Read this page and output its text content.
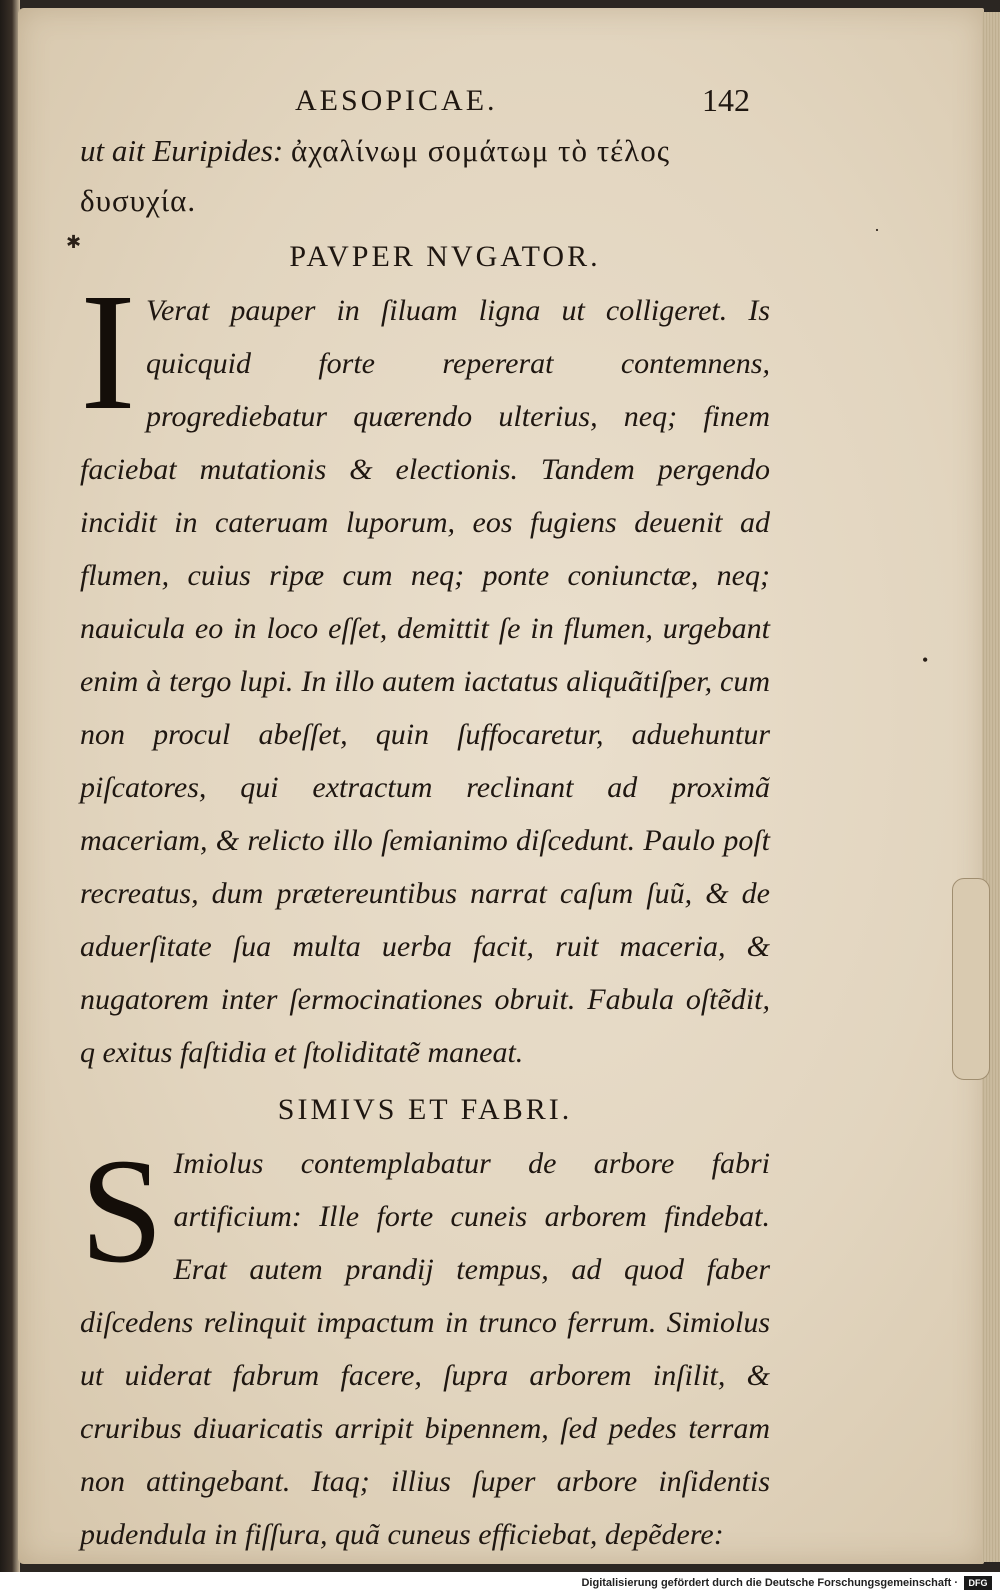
✱
·
•
AESOPICAE.	142
ut ait Euripides: ἀχαλίνωμ σομάτωμ τὸ τέλος
δυσυχία.
PAVPER NVGATOR.

I Verat pauper in ſiluam ligna ut colligeret. Is quicquid forte repererat contemnens, progrediebatur quærendo ulterius, neq; finem faciebat mutationis & electionis. Tandem pergendo incidit in cateruam luporum, eos fugiens deuenit ad flumen, cuius ripæ cum neq; ponte coniunctæ, neq; nauicula eo in loco eſſet, demittit ſe in flumen, urgebant enim à tergo lupi. In illo autem iactatus aliquãtiſper, cum non procul abeſſet, quin ſuffocaretur, aduehuntur piſcatores, qui extractum reclinant ad proximã maceriam, & relicto illo ſemianimo diſcedunt. Paulo poſt recreatus, dum prætereuntibus narrat caſum ſuũ, & de aduerſitate ſua multa uerba facit, ruit maceria, & nugatorem inter ſermocinationes obruit. Fabula oſtẽdit, q exitus faſtidia et ſtoliditatẽ maneat.

SIMIVS ET FABRI.

S Imiolus contemplabatur de arbore fabri artificium: Ille forte cuneis arborem findebat. Erat autem prandij tempus, ad quod faber diſcedens relinquit impactum in trunco ferrum. Simiolus ut uiderat fabrum facere, ſupra arborem inſilit, & cruribus diuaricatis arripit bipennem, ſed pedes terram non attingebant. Itaq; illius ſuper arbore inſidentis pudendula in fiſſura, quã cuneus efficiebat, depẽdere:

Digitalisierung gefördert durch die Deutsche Forschungsgemeinschaft ·	DFG
